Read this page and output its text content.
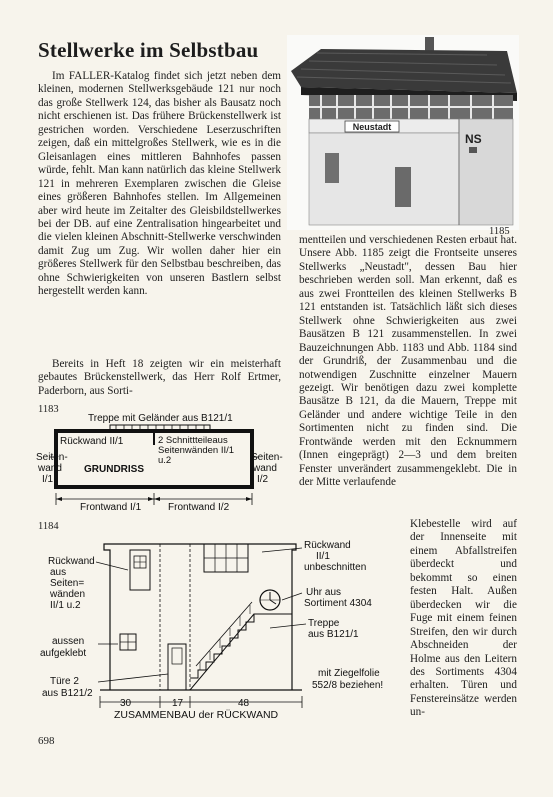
Stellwerke im Selbstbau

Im FALLER-Katalog findet sich jetzt neben dem kleinen, modernen Stellwerksgebäude 121 nur noch das große Stellwerk 124, das bisher als Bausatz noch nicht erschienen ist. Das frühere Brückenstellwerk ist gestrichen worden. Verschiedene Leserzuschriften zeigen, daß ein mittelgroßes Stellwerk, wie es in die Gleisanlagen eines mittleren Bahnhofes passen würde, fehlt. Man kann natürlich das kleine Stellwerk 121 in mehreren Exemplaren zwischen die Gleise eines größeren Bahnhofes stellen. Im Allgemeinen aber wird heute im Zeitalter des Gleisbildstellwerkes bei der DB. auf eine Zentralisation hingearbeitet und die vielen kleinen Abschnitt-Stellwerke verschwinden damit Zug um Zug. Wir wollen daher hier ein größeres Stellwerk für den Selbstbau beschreiben, das ohne Schwierigkeiten von unseren Bastlern selbst hergestellt werden kann.

Bereits in Heft 18 zeigten wir ein meisterhaft gebautes Brückenstellwerk, das Herr Rolf Ertmer, Paderborn, aus Sorti-

Neustadt
NS
1185

mentteilen und verschiedenen Resten erbaut hat. Unsere Abb. 1185 zeigt die Frontseite unseres Stellwerks „Neustadt", dessen Bau hier beschrieben werden soll. Man erkennt, daß es aus zwei Frontteilen des kleinen Stellwerks B 121 entstanden ist. Tatsächlich läßt sich dieses Stellwerk ohne Schwierigkeiten aus zwei Bausätzen B 121 zusammenstellen. In zwei Bauzeichnungen Abb. 1183 und Abb. 1184 sind der Grundriß, der Zusammenbau und die notwendigen Zuschnitte einzelner Mauern gezeigt. Wir benötigen dazu zwei komplette Bausätze B 121, da die Mauern, Treppe mit Geländer und andere wichtige Teile in den Sortimenten nicht zu finden sind. Die Frontwände werden mit den Ecknummern (Innen eingeprägt) 2—3 und dem breiten Fenster unverändert zusammengeklebt. Die in der Mitte verlaufende

Klebestelle wird auf der Innenseite mit einem Abfallstreifen überdeckt und bekommt so einen festen Halt. Außen überdecken wir die Fuge mit einem feinen Streifen, den wir durch Abschneiden der Holme aus den Leitern des Sortiments 4304 erhalten. Türen und Fenstereinsätze werden un-

1183
Treppe mit Geländer aus B121/1
Rückwand II/1	2 Schnittteileaus Seitenwänden II/1 u.2
GRUNDRISS
Seiten-
wand
I/1
Seiten-
wand
I/2
Frontwand I/1	Frontwand I/2
1184
Rückwand
aus
Seiten=
wänden
II/1 u.2
aussen
aufgeklebt
Türe 2
aus B121/2
Rückwand
II/1
unbeschnitten
Uhr aus
Sortiment 4304
Treppe
aus B121/1
mit Ziegelfolie
552/8 beziehen!
30	17	48
ZUSAMMENBAU der RÜCKWAND
698
